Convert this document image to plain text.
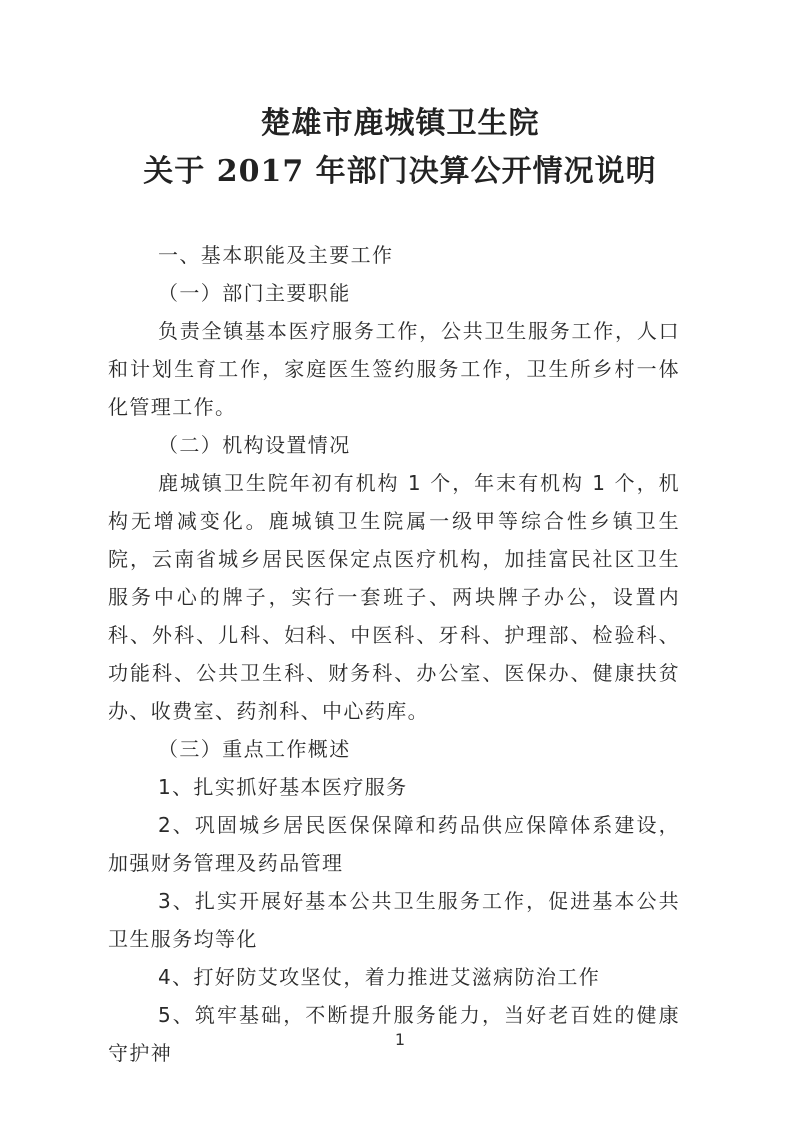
楚雄市鹿城镇卫生院
关于 2017 年部门决算公开情况说明

一、基本职能及主要工作

（一）部门主要职能

负责全镇基本医疗服务工作，公共卫生服务工作，人口和计划生育工作，家庭医生签约服务工作，卫生所乡村一体化管理工作。

（二）机构设置情况

鹿城镇卫生院年初有机构 1 个，年末有机构 1 个，机构无增减变化。鹿城镇卫生院属一级甲等综合性乡镇卫生院，云南省城乡居民医保定点医疗机构，加挂富民社区卫生服务中心的牌子，实行一套班子、两块牌子办公，设置内科、外科、儿科、妇科、中医科、牙科、护理部、检验科、功能科、公共卫生科、财务科、办公室、医保办、健康扶贫办、收费室、药剂科、中心药库。

（三）重点工作概述

1、扎实抓好基本医疗服务

2、巩固城乡居民医保保障和药品供应保障体系建设，加强财务管理及药品管理

3、扎实开展好基本公共卫生服务工作，促进基本公共卫生服务均等化

4、打好防艾攻坚仗，着力推进艾滋病防治工作

5、筑牢基础，不断提升服务能力，当好老百姓的健康守护神

1
